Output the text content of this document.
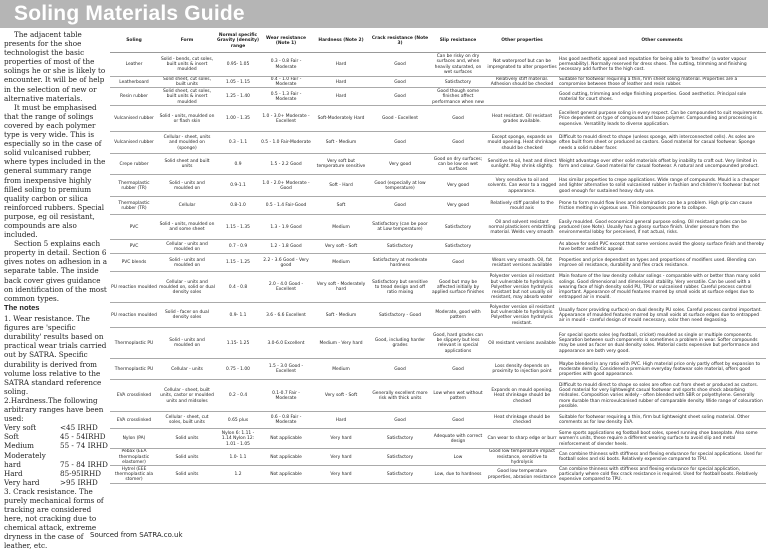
Soling Materials Guide

The adjacent table presents for the shoe technologist the basic properties of most of the solings he or she is likely to encounter. It will be of help in the selection of new or alternative materials.

It must be emphasised that the range of solings covered by each polymer type is very wide. This is especially so in the case of solid vulcanised rubber, where types included in the general summary range from inexpensive highly filled soling to premium quality carbon or silica reinforced rubbers. Special purpose, eg oil resistant, compounds are also included.

Section 5 explains each property in detail. Section 6 gives notes on adhesion in a separate table. The inside back cover gives guidance on identification of the most common types.

The notes

1. Wear resistance. The figures are 'specific durability' results based on practical wear trials carried out by SATRA. Specific durability is derived from volume loss relative to the SATRA standard reference soling.

2.Hardness.The following arbitrary ranges have been used:

Very soft	<45 IRHD
Soft	45 - 54IRHD
Medium	55 - 74 IRHD
Moderately
hard	75 - 84 IRHD
Hard	85-95IRHD
Very hard	>95 IRHD

3. Crack resistance. The purely mechanical forms of tracking are considered here, not cracking due to chemical attack, extreme dryness in the case of leather, etc.

Sourced from SATRA.co.uk
Soling	Form	Normal specific Gravity (density) range	Wear resistance (Note 1)	Hardness (Note 2)	Crack resistance (Note 3)	Slip resistance	Other properties	Other comments
Leather	Solid - bends, cut soles, built units & insert moulded	0.95- 1.05	0.3 - 0.8 Fair - Moderate	Hard	Good	Can be risky on dry surfaces and, when heavily saturated, on wet surfaces	Not waterproof but can be impregnated to alter properties	Has good aesthetic appeal and reputation for being able to 'breathe' (a water vapour permeability). Normally reserved for dress shoes. The cutting, trimming and finishing necessary add further to the high cost.
Leatherboard	Solid sheet, cut soles, built units	1.05 - 1.15	0.4 - 1.0 Fair - Moderate	Hard	Good	Satisfactory	Relatively stiff material. Adhesion should be checked	Suitable for footwear requiring a thin, firm sheet soling material. Properties are a compromise between those of leather and resin rubber.
Resin rubber	Solid sheet, cut soles, built units & insert moulded	1.25 - 1.40	0.5 - 1.3 Fair - Moderate	Hard	Good	Good though some finishes affect performance when new		Good cutting, trimming and edge finishing properties. Good aesthetics. Principal sole material for court shoes.
Vulcanised rubber	Solid - units, moulded on or flash skin	1.00 - 1.35	1.0 - 3.0+ Moderate - Excellent	Soft-Moderately Hard	Good - Excellent	Good	Heat resistant. Oil resistant grades available.	Excellent general purpose soling in every respect. Can be compounded to suit requirements. Price dependent on type of compound and base polymer. Compounding and processing is expensive. Versatility leads to diverse application.
Vulcanised rubber	Cellular - sheet, units and moulded on (sponge)	0.3 - 1.1	0.5 - 1.0 Fair-Moderate	Soft - Medium	Good	Good	Except sponge, expands on mould opening. Heat shrinkage should be checked	Difficult to mould direct to shape (unless sponge, with interconnected cells). As soles are often built from sheet or produced as castors. Good material for casual footwear. Sponge needs a solid rubber facer.
Crepe rubber	Solid sheet and built units	0.9	1.5 - 2.2 Good	Very soft but temperature sensitive	Very good	Good on dry surfaces; can be low on wet surfaces	Sensitive to oil, heat and direct sunlight. May shrink slightly.	Weight advantage over other solid materials offset by inability to craft out. Very limited in form and colour. Good material for casual footwear. A natural and uncompounded product.
Thermoplastic rubber (TR)	Solid - units and moulded on	0.9-1.1	1.0 - 2.0+ Moderate - Good	Soft - Hard	Good (especially at low temperature)	Very good	Very sensitive to oil and solvents. Can wear to a ragged appearance.	Has similar properties to crepe applications. Wide range of compounds. Mould is a cheaper and lighter alternative to solid vulcanised rubber in fashion and children's footwear but not good enough for sustained heavy duty use.
Thermoplastic rubber (TR)	Cellular	0.8-1.0	0.5 - 1.4 Fair-Good	Soft	Good	Very good	Relatively stiff parallel to the mould axis	Prone to form mould flow lines and delamination can be a problem. High grip can cause friction melting in vigorous use. Thin compounds prone to collapse.
PVC	Solid - units, moulded on and some sheet	1.15 - 1.35	1.3 - 1.9 Good	Medium	Satisfactory (can be poor at Low temperature)	Satisfactory	Oil and solvent resistant normal plasticisers embrittling material. Welds very smooth	Easily moulded. Good economical general purpose soling. Oil resistant grades can be produced (see Note). Usually has a glossy surface finish. Under pressure from the environmental lobby for perceived, if not actual, risks.
PVC	Cellular - units and moulded on	0.7 - 0.9	1.2 - 1.8 Good	Very soft - Soft	Satisfactory	Satisfactory		As above for solid PVC except that some versions avoid the glossy surface finish and thereby have better aesthetic appeal.
PVC blends	Solid - units and moulded on	1.15 - 1.25	2.2 - 3.6 Good - Very good	Medium	Satisfactory at moderate hardness	Good	Wears very smooth. Oil, fat resistant versions available	Properties and price dependant on types and proportions of modifiers used. Blending can improve oil resistance, durability and flex crack resistance.
PU reaction moulded	Cellular - units and moulded on, solid or dual density soles	0.4 - 0.8	2.0 - 4.0 Good - Excellent	Very soft - Moderately hard	Satisfactory but sensitive to tread design and off ratio mixing	Good but may be affected initially by applied surface finishes	Polyester version oil resistant but vulnerable to hydrolysis. Polyether version hydrolysis resistant but not usually oil resistant, may absorb water	Main feature of the low density cellular solings - comparable with or better than many solid solings. Good dimensional and dimensional stability. Very versatile. Can be used with a wearing face of high density solid PU, TPU or vulcanised rubber. Careful process control important. Appearance of mould features marred by small voids at surface edges due to entrapped air in mould.
PU reaction moulded	Solid - facer on dual density soles	0.9- 1.1	3.6 - 6.6 Excellent	Soft - Medium	Satisfactory - Good	Moderate, good with pattern	Polyester version oil resistant but vulnerable to hydrolysis. Polyether version hydrolysis resistant.	Usually facer providing surface) on dual density PU soles. Careful process control important. Appearance of moulded features marred by small voids at surface edges due to entrapped air in mould - careful design of mould necessary, solar then need degassing.
Thermoplastic PU	Solid - units and moulded on	1.15- 1.25	3.0-6.0 Excellent	Medium - Very hard	Good, including harder grades	Good, hard grades can be slippery but less relevant in special applications	Oil resistant versions available	For special sports soles (eg football, cricket) moulded as single or multiple components. Separation between such components is sometimes a problem in wear. Softer compounds may be used as facer on dual density soles. Material costs expensive but performance and appearance are both very good.
Thermoplastic PU	Cellular - units	0.75 - 1.00	1.5 - 3.0 Good - Excellent	Medium	Good	Good	Loss density depends on proximity to injection point	Maybe blended in any ratio with PVC. High material price only partly offset by expansion to moderate density. Considered a premium everyday footwear sole material, offers good properties with good appearance.
EVA crosslinked	Cellular - sheet, built units, castor or moulded units and midsoles	0.2 - 0.4	0.1-0.7 Fair - Moderate	Very soft - Soft	Generally excellent more risk with thick units	Low when wet without pattern	Expands on mould opening. Heat shrinkage should be checked	Difficult to mould direct to shape so soles are often cut from sheet or produced as castors. Good material for very lightweight casual footwear and sports shoe shock absorbing midsoles. Composition varies widely - often blended with SBR or polyethylene. Generally more durable than microvulcanised rubber of comparable density. Wide range of colouration possible.
EVA crosslinked	Cellular - sheet, cut soles, built units	0.65 plus	0.6 - 0.8 Fair - Moderate	Hard	Good	Good	Heat shrinkage should be checked	Suitable for footwear requiring a thin, firm but lightweight sheet soling material. Other comments as for low density EVA.
Nylon (PA)	Solid units	Nylon 6: 1.11 - 1.14 Nylon 12: 1.01 - 1.05	Not applicable	Very hard	Satisfactory	Adequate with correct design	Can wear to sharp edge or burr	Some sports applications eg football boot soles, speed running shoe baseplate. Also some women's units, these require a different wearing surface to avoid slip and metal reinforcement of slender heels.
Pebax (EEA thermoplastic elastomer)	Solid units	1.0- 1.1	Not applicable	Very hard	Satisfactory	Low	Good low temperature impact resistance, sensitive to hydrolysis	Can combine thinness with stiffness and flexing endurance for special applications. Used for football soles and ski boots. Relatively expensive compared to TPU.
Hytrel (EEE thermoplastic ala stomer)	Solid units	1.2	Not applicable	Very hard	Satisfactory	Low, due to hardness	Good low temperature properties, abrasion resistance	Can combine thinness with stiffness and flexing endurance for special application, particularly where cold flex crack resistance is required. Used for football boots. Relatively expensive compared to TPU.
